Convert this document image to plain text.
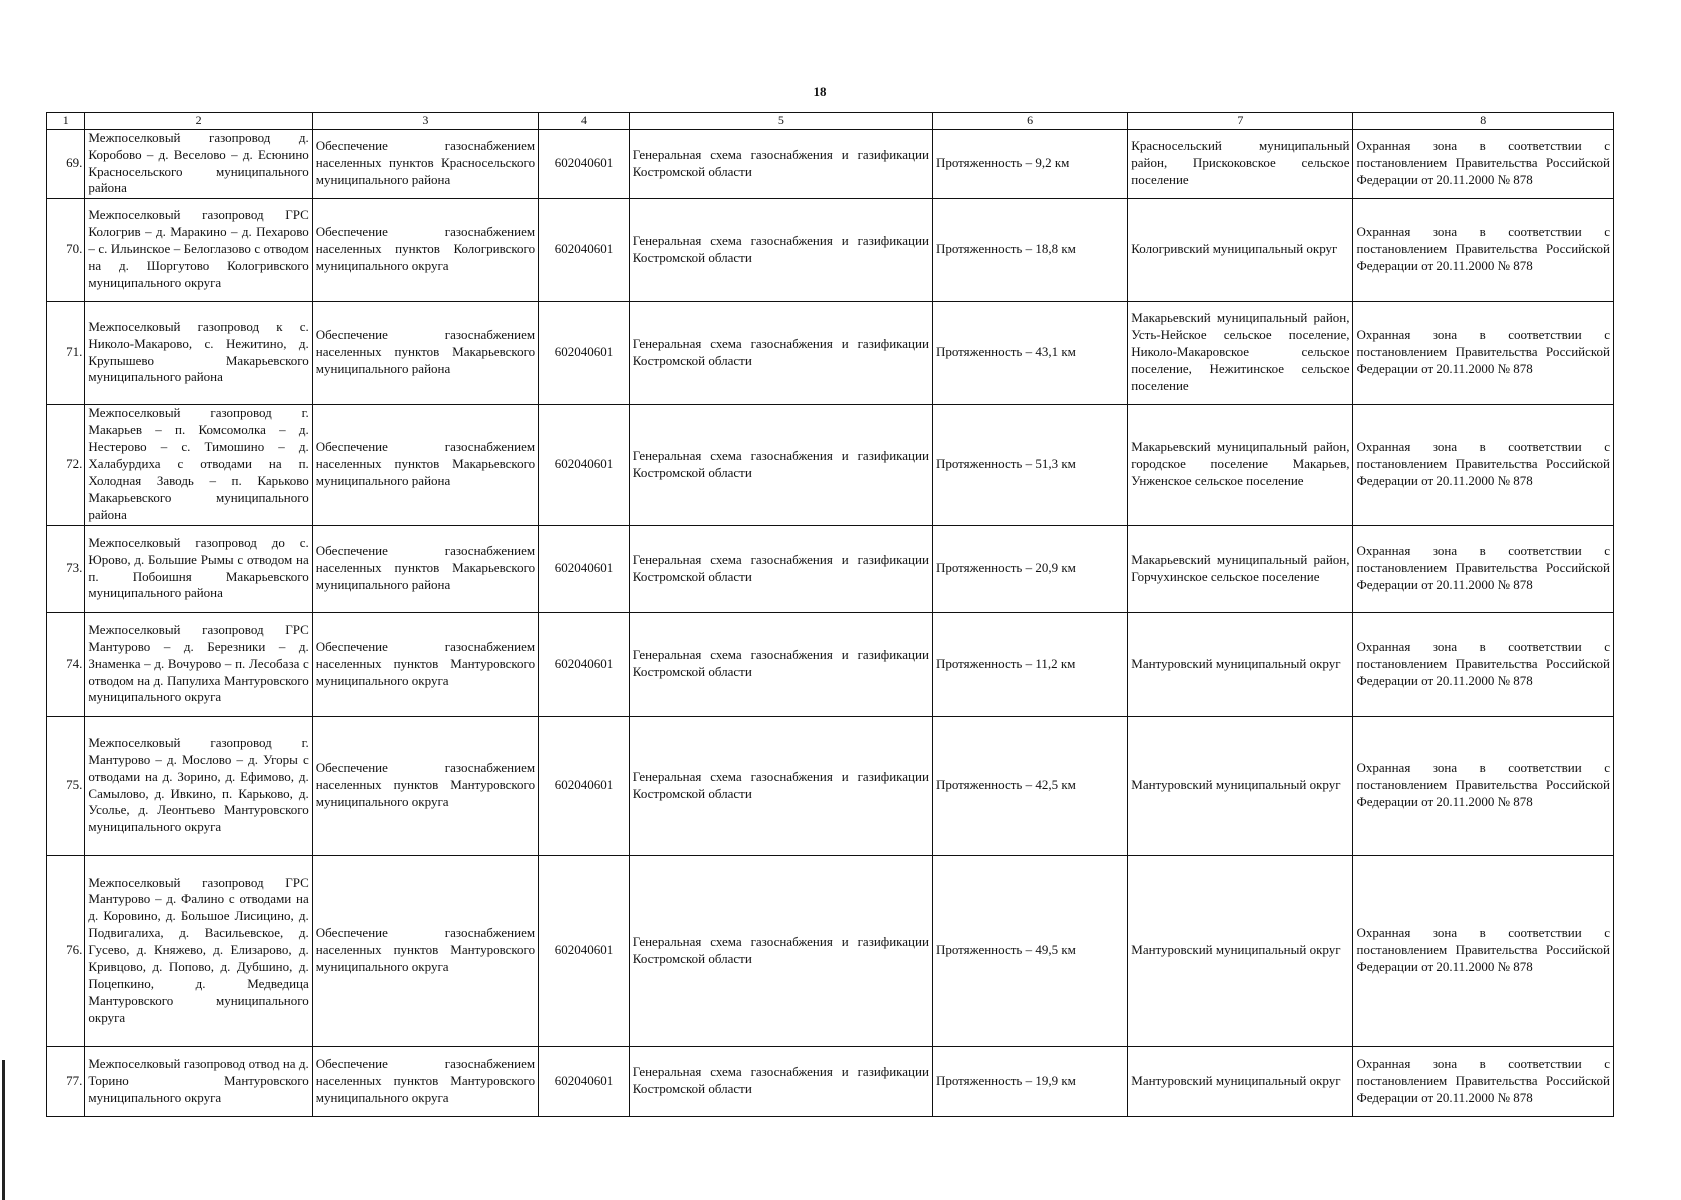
18
1	2	3	4	5	6	7	8
69.	Межпоселковый газопровод д. Коробово – д. Веселово – д. Есюнино Красносельского муниципального района	Обеспечение газоснабжением населенных пунктов Красносельского муниципального района	602040601	Генеральная схема газоснабжения и газификации Костромской области	Протяженность – 9,2 км	Красносельский муниципальный район, Прискоковское сельское поселение	Охранная зона в соответствии с постановлением Правительства Российской Федерации от 20.11.2000 № 878
70.	Межпоселковый газопровод ГРС Кологрив – д. Маракино – д. Пехарово – с. Ильинское – Белоглазово с отводом на д. Шоргутово Кологривского муниципального округа	Обеспечение газоснабжением населенных пунктов Кологривского муниципального округа	602040601	Генеральная схема газоснабжения и газификации Костромской области	Протяженность – 18,8 км	Кологривский муниципальный округ	Охранная зона в соответствии с постановлением Правительства Российской Федерации от 20.11.2000 № 878
71.	Межпоселковый газопровод к с. Николо-Макарово, с. Нежитино, д. Крупышево Макарьевского муниципального района	Обеспечение газоснабжением населенных пунктов Макарьевского муниципального района	602040601	Генеральная схема газоснабжения и газификации Костромской области	Протяженность – 43,1 км	Макарьевский муниципальный район, Усть-Нейское сельское поселение, Николо-Макаровское сельское поселение, Нежитинское сельское поселение	Охранная зона в соответствии с постановлением Правительства Российской Федерации от 20.11.2000 № 878
72.	Межпоселковый газопровод г. Макарьев – п. Комсомолка – д. Нестерово – с. Тимошино – д. Халабурдиха с отводами на п. Холодная Заводь – п. Карьково Макарьевского муниципального района	Обеспечение газоснабжением населенных пунктов Макарьевского муниципального района	602040601	Генеральная схема газоснабжения и газификации Костромской области	Протяженность – 51,3 км	Макарьевский муниципальный район, городское поселение Макарьев, Унженское сельское поселение	Охранная зона в соответствии с постановлением Правительства Российской Федерации от 20.11.2000 № 878
73.	Межпоселковый газопровод до с. Юрово, д. Большие Рымы с отводом на п. Побоишня Макарьевского муниципального района	Обеспечение газоснабжением населенных пунктов Макарьевского муниципального района	602040601	Генеральная схема газоснабжения и газификации Костромской области	Протяженность – 20,9 км	Макарьевский муниципальный район, Горчухинское сельское поселение	Охранная зона в соответствии с постановлением Правительства Российской Федерации от 20.11.2000 № 878
74.	Межпоселковый газопровод ГРС Мантурово – д. Березники – д. Знаменка – д. Вочурово – п. Лесобаза с отводом на д. Папулиха Мантуровского муниципального округа	Обеспечение газоснабжением населенных пунктов Мантуровского муниципального округа	602040601	Генеральная схема газоснабжения и газификации Костромской области	Протяженность – 11,2 км	Мантуровский муниципальный округ	Охранная зона в соответствии с постановлением Правительства Российской Федерации от 20.11.2000 № 878
75.	Межпоселковый газопровод г. Мантурово – д. Мослово – д. Угоры с отводами на д. Зорино, д. Ефимово, д. Самылово, д. Ивкино, п. Карьково, д. Усолье, д. Леонтьево Мантуровского муниципального округа	Обеспечение газоснабжением населенных пунктов Мантуровского муниципального округа	602040601	Генеральная схема газоснабжения и газификации Костромской области	Протяженность – 42,5 км	Мантуровский муниципальный округ	Охранная зона в соответствии с постановлением Правительства Российской Федерации от 20.11.2000 № 878
76.	Межпоселковый газопровод ГРС Мантурово – д. Фалино с отводами на д. Коровино, д. Большое Лисицино, д. Подвигалиха, д. Васильевское, д. Гусево, д. Княжево, д. Елизарово, д. Кривцово, д. Попово, д. Дубшино, д. Поцепкино, д. Медведица Мантуровского муниципального округа	Обеспечение газоснабжением населенных пунктов Мантуровского муниципального округа	602040601	Генеральная схема газоснабжения и газификации Костромской области	Протяженность – 49,5 км	Мантуровский муниципальный округ	Охранная зона в соответствии с постановлением Правительства Российской Федерации от 20.11.2000 № 878
77.	Межпоселковый газопровод отвод на д. Торино Мантуровского муниципального округа	Обеспечение газоснабжением населенных пунктов Мантуровского муниципального округа	602040601	Генеральная схема газоснабжения и газификации Костромской области	Протяженность – 19,9 км	Мантуровский муниципальный округ	Охранная зона в соответствии с постановлением Правительства Российской Федерации от 20.11.2000 № 878
